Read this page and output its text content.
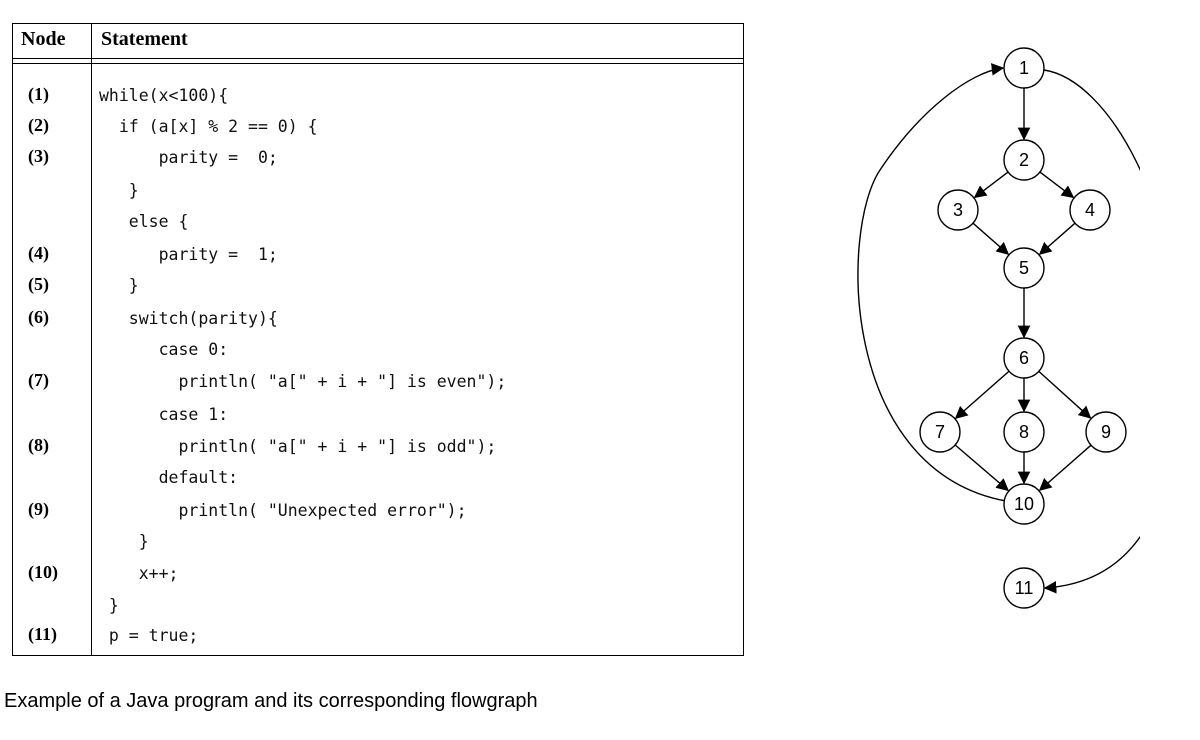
Node Statement
(1)	while(x<100){
(2)	if (a[x] % 2 == 0) {
(3)	parity =  0;
}
else {
(4)	parity =  1;
(5)	}
(6)	switch(parity){
case 0:
(7)	println( "a[" + i + "] is even");
case 1:
(8)	println( "a[" + i + "] is odd");
default:
(9)	println( "Unexpected error");
}
(10) x++;
}
(11)	p = true;
1
2
3	4
5
6
7	8	9
10
11
Example of a Java program and its corresponding flowgraph
